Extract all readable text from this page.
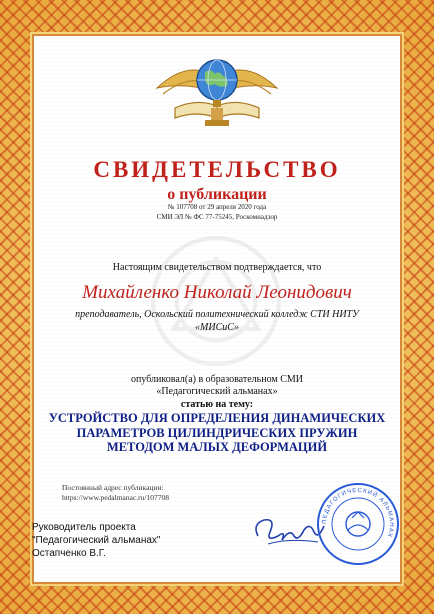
СВИДЕТЕЛЬСТВО
о публикации
№ 107708 от 29 апреля 2020 года
СМИ ЭЛ № ФС 77-75245, Роскомнадзор
Настоящим свидетельством подтверждается, что
Михайленко Николай Леонидович
преподаватель, Оскольский политехнический колледж СТИ НИТУ «МИСиС»
опубликовал(а) в образовательном СМИ
«Педагогический альманах»
статью на тему:
УСТРОЙСТВО ДЛЯ ОПРЕДЕЛЕНИЯ ДИНАМИЧЕСКИХ ПАРАМЕТРОВ ЦИЛИНДРИЧЕСКИХ ПРУЖИН МЕТОДОМ МАЛЫХ ДЕФОРМАЦИЙ
Постоянный адрес публикации:
https://www.pedalmanac.ru/107708
Руководитель проекта
"Педагогический альманах"
Остапченко В.Г.
ПЕДАГОГИЧЕСКИЙ АЛЬМАНАХ
